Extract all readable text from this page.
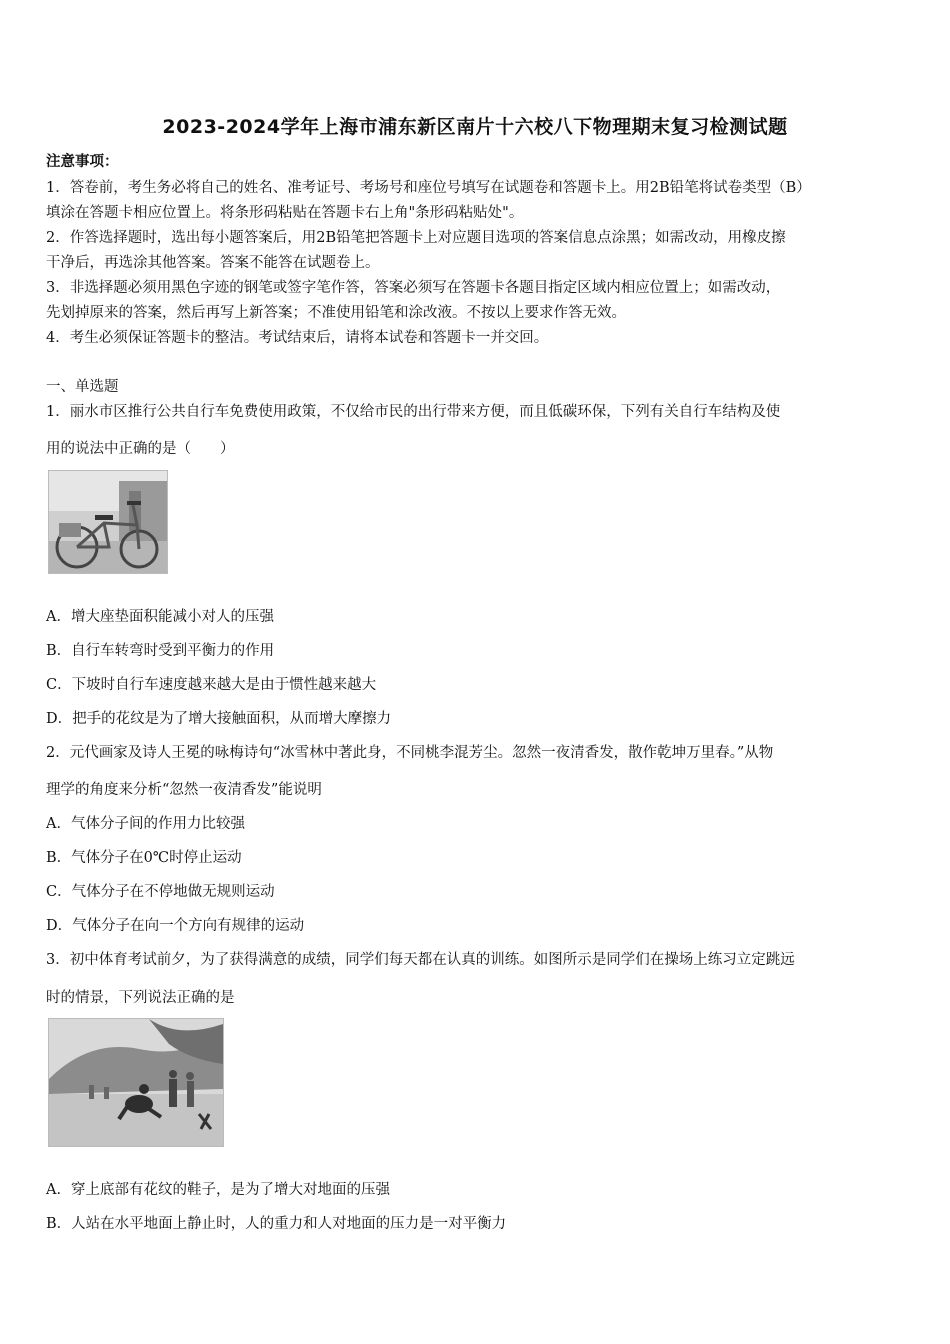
2023-2024学年上海市浦东新区南片十六校八下物理期末复习检测试题
注意事项：
1．答卷前，考生务必将自己的姓名、准考证号、考场号和座位号填写在试题卷和答题卡上。用2B铅笔将试卷类型（B）
填涂在答题卡相应位置上。将条形码粘贴在答题卡右上角"条形码粘贴处"。
2．作答选择题时，选出每小题答案后，用2B铅笔把答题卡上对应题目选项的答案信息点涂黑；如需改动，用橡皮擦
干净后，再选涂其他答案。答案不能答在试题卷上。
3．非选择题必须用黑色字迹的钢笔或签字笔作答，答案必须写在答题卡各题目指定区域内相应位置上；如需改动，
先划掉原来的答案，然后再写上新答案；不准使用铅笔和涂改液。不按以上要求作答无效。
4．考生必须保证答题卡的整洁。考试结束后，请将本试卷和答题卡一并交回。
一、单选题
1．丽水市区推行公共自行车免费使用政策，不仅给市民的出行带来方便，而且低碳环保，下列有关自行车结构及使
用的说法中正确的是（　　）
A．增大座垫面积能减小对人的压强
B．自行车转弯时受到平衡力的作用
C．下坡时自行车速度越来越大是由于惯性越来越大
D．把手的花纹是为了增大接触面积，从而增大摩擦力
2．元代画家及诗人王冕的咏梅诗句“冰雪林中著此身，不同桃李混芳尘。忽然一夜清香发，散作乾坤万里春。”从物
理学的角度来分析“忽然一夜清香发”能说明
A．气体分子间的作用力比较强
B．气体分子在0℃时停止运动
C．气体分子在不停地做无规则运动
D．气体分子在向一个方向有规律的运动
3．初中体育考试前夕，为了获得满意的成绩，同学们每天都在认真的训练。如图所示是同学们在操场上练习立定跳远
时的情景，下列说法正确的是
A．穿上底部有花纹的鞋子，是为了增大对地面的压强
B．人站在水平地面上静止时，人的重力和人对地面的压力是一对平衡力
